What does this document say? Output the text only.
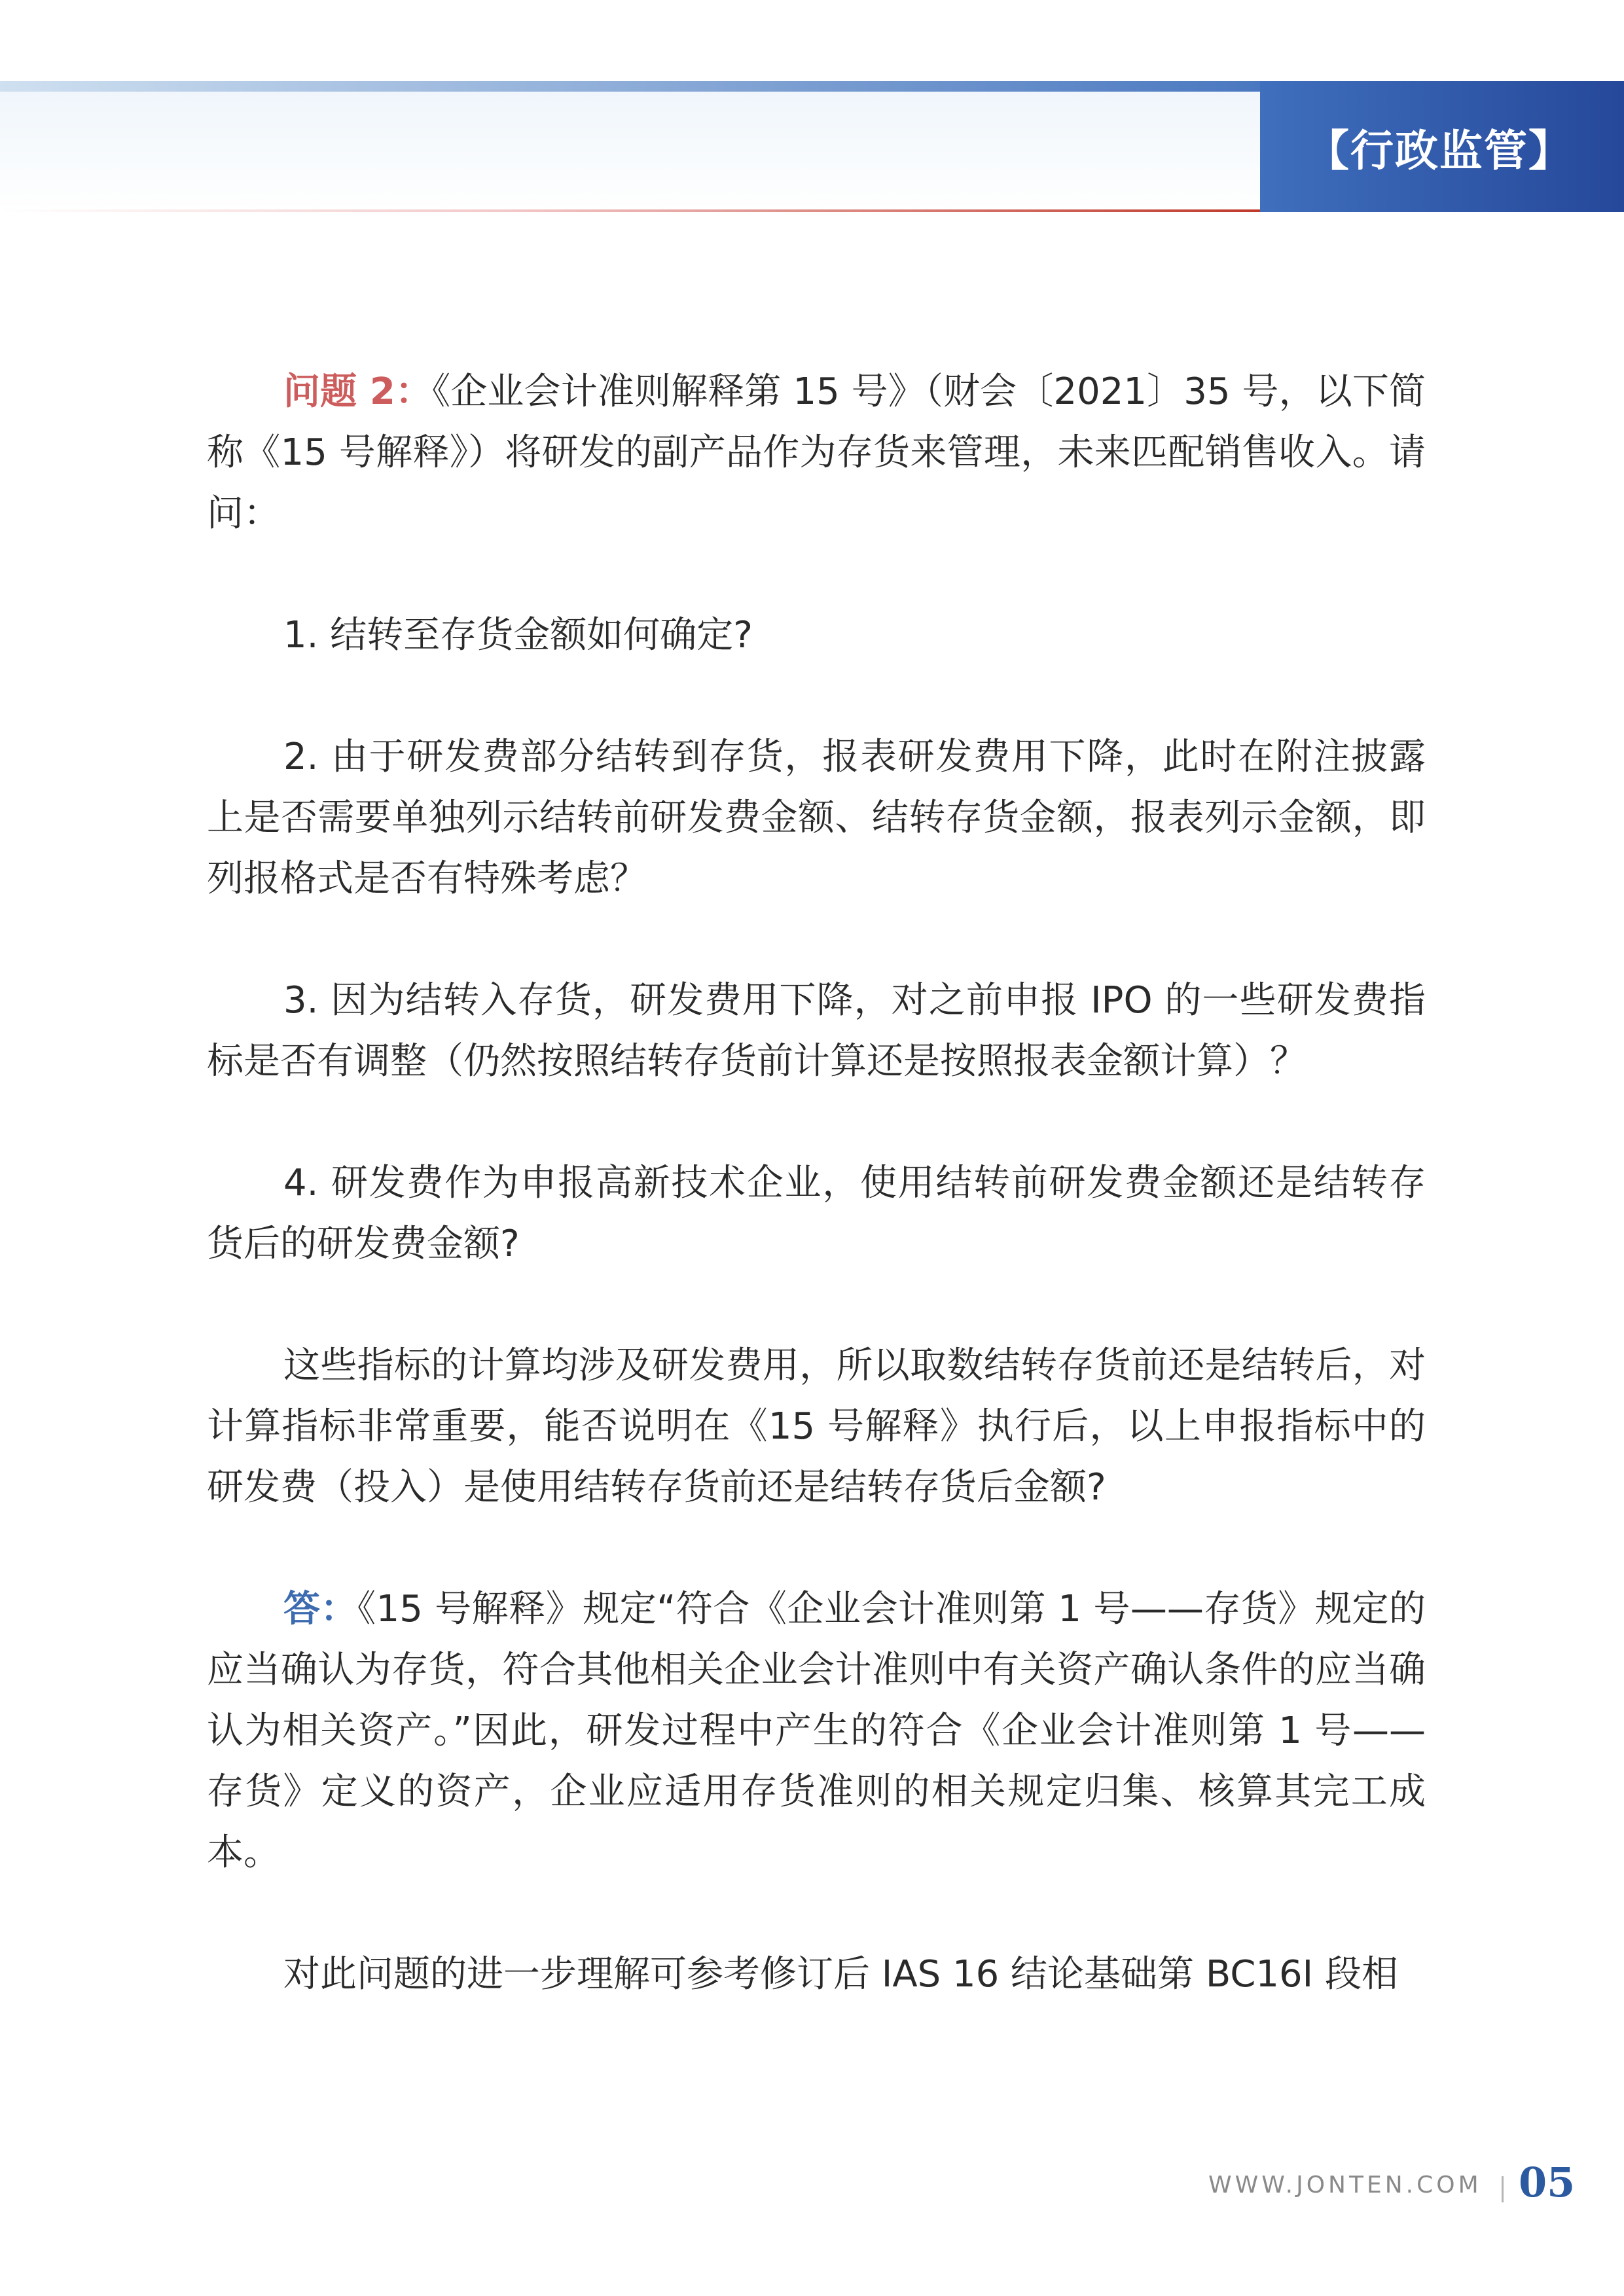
【行政监管】

问题 2：《企业会计准则解释第 15 号》（财会〔2021〕35 号，以下简称《15 号解释》）将研发的副产品作为存货来管理，未来匹配销售收入。请问：

1. 结转至存货金额如何确定?

2. 由于研发费部分结转到存货，报表研发费用下降，此时在附注披露上是否需要单独列示结转前研发费金额、结转存货金额，报表列示金额，即列报格式是否有特殊考虑？

3. 因为结转入存货，研发费用下降，对之前申报 IPO 的一些研发费指标是否有调整（仍然按照结转存货前计算还是按照报表金额计算）？

4. 研发费作为申报高新技术企业，使用结转前研发费金额还是结转存货后的研发费金额?

这些指标的计算均涉及研发费用，所以取数结转存货前还是结转后，对计算指标非常重要，能否说明在《15 号解释》执行后，以上申报指标中的研发费（投入）是使用结转存货前还是结转存货后金额?

答：《15 号解释》规定“符合《企业会计准则第 1 号——存货》规定的应当确认为存货，符合其他相关企业会计准则中有关资产确认条件的应当确认为相关资产。”因此，研发过程中产生的符合《企业会计准则第 1 号——存货》定义的资产，企业应适用存货准则的相关规定归集、核算其完工成本。

对此问题的进一步理解可参考修订后 IAS 16 结论基础第 BC16I 段相

WWW.JONTEN.COM 05
